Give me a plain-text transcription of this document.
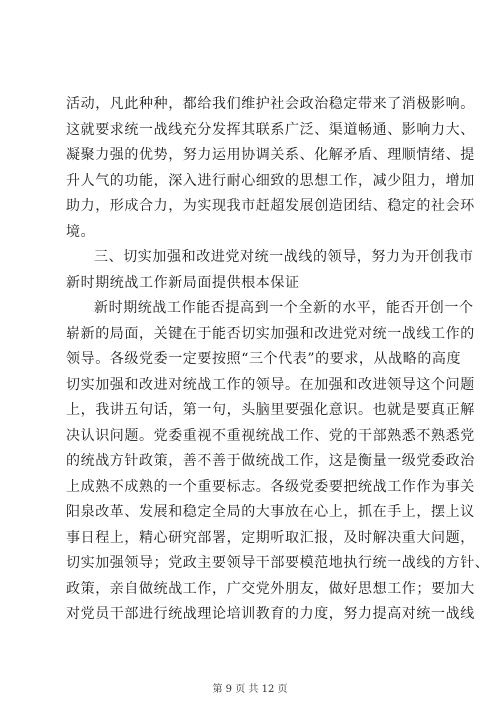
活动，凡此种种，都给我们维护社会政治稳定带来了消极影响。
这就要求统一战线充分发挥其联系广泛、渠道畅通、影响力大、
凝聚力强的优势，努力运用协调关系、化解矛盾、理顺情绪、提
升人气的功能，深入进行耐心细致的思想工作，减少阻力，增加
助力，形成合力，为实现我市赶超发展创造团结、稳定的社会环
境。
三、切实加强和改进党对统一战线的领导，努力为开创我市
新时期统战工作新局面提供根本保证
新时期统战工作能否提高到一个全新的水平，能否开创一个
崭新的局面，关键在于能否切实加强和改进党对统一战线工作的
领导。各级党委一定要按照“三个代表”的要求，从战略的高度
切实加强和改进对统战工作的领导。在加强和改进领导这个问题
上，我讲五句话，第一句，头脑里要强化意识。也就是要真正解
决认识问题。党委重视不重视统战工作、党的干部熟悉不熟悉党
的统战方针政策，善不善于做统战工作，这是衡量一级党委政治
上成熟不成熟的一个重要标志。各级党委要把统战工作作为事关
阳泉改革、发展和稳定全局的大事放在心上，抓在手上，摆上议
事日程上，精心研究部署，定期听取汇报，及时解决重大问题，
切实加强领导；党政主要领导干部要模范地执行统一战线的方针、
政策，亲自做统战工作，广交党外朋友，做好思想工作；要加大
对党员干部进行统战理论培训教育的力度，努力提高对统一战线
第 9 页 共 12 页
